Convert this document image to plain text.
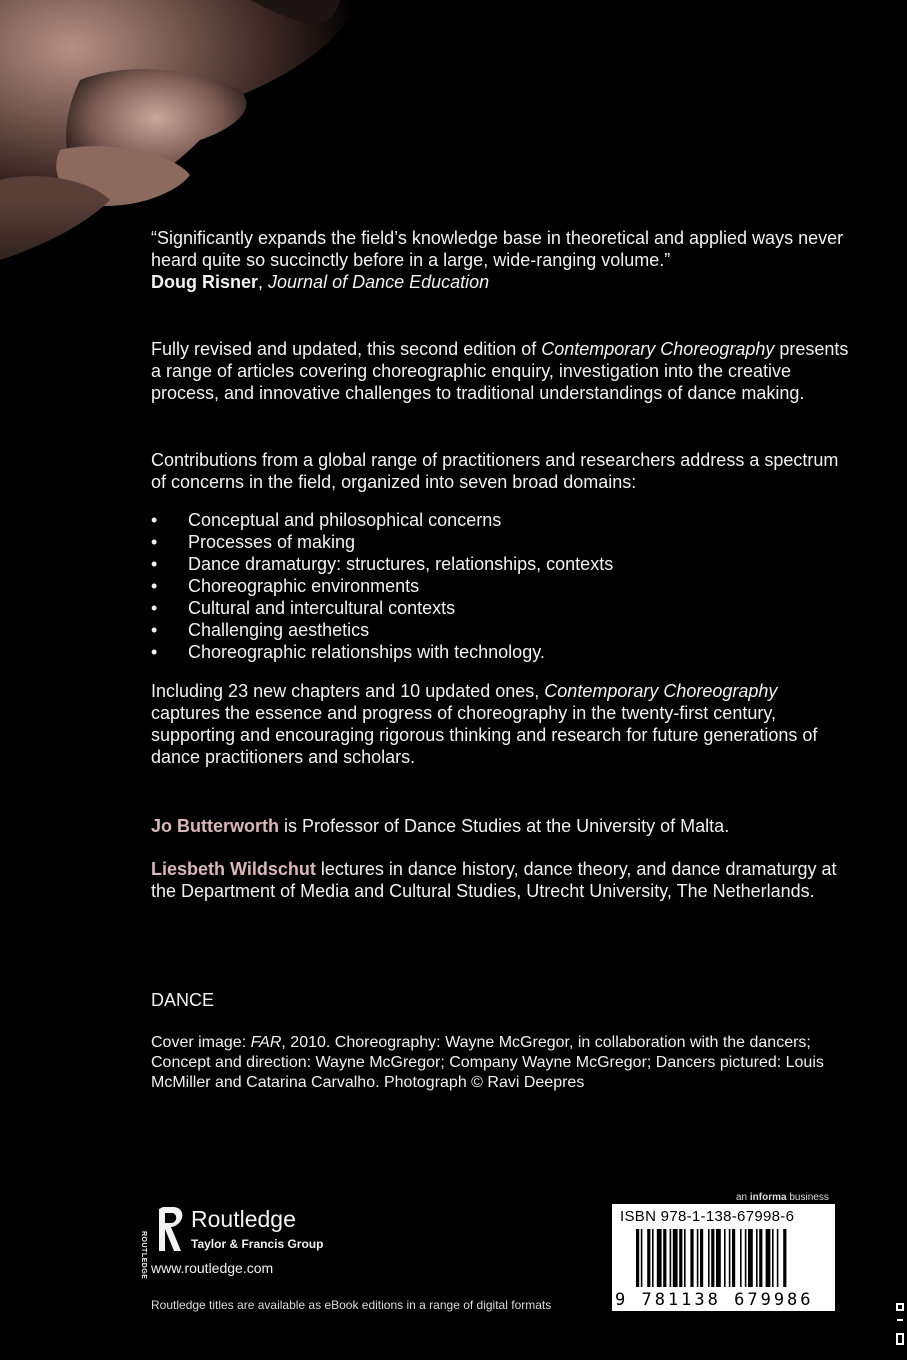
“Significantly expands the field’s knowledge base in theoretical and applied ways never heard quite so succinctly before in a large, wide-ranging volume.”
Doug Risner, Journal of Dance Education
Fully revised and updated, this second edition of Contemporary Choreography presents a range of articles covering choreographic enquiry, investigation into the creative process, and innovative challenges to traditional understandings of dance making.
Contributions from a global range of practitioners and researchers address a spectrum of concerns in the field, organized into seven broad domains:
• Conceptual and philosophical concerns
• Processes of making
• Dance dramaturgy: structures, relationships, contexts
• Choreographic environments
• Cultural and intercultural contexts
• Challenging aesthetics
• Choreographic relationships with technology.
Including 23 new chapters and 10 updated ones, Contemporary Choreography captures the essence and progress of choreography in the twenty-first century, supporting and encouraging rigorous thinking and research for future generations of dance practitioners and scholars.
Jo Butterworth is Professor of Dance Studies at the University of Malta.
Liesbeth Wildschut lectures in dance history, dance theory, and dance dramaturgy at the Department of Media and Cultural Studies, Utrecht University, The Netherlands.
DANCE
Cover image: FAR, 2010. Choreography: Wayne McGregor, in collaboration with the dancers; Concept and direction: Wayne McGregor; Company Wayne McGregor; Dancers pictured: Louis McMiller and Catarina Carvalho. Photograph © Ravi Deepres
ROUTLEDGE
Routledge
Taylor & Francis Group
www.routledge.com
Routledge titles are available as eBook editions in a range of digital formats
an informa business
ISBN 978-1-138-67998-6
9 781138 679986
